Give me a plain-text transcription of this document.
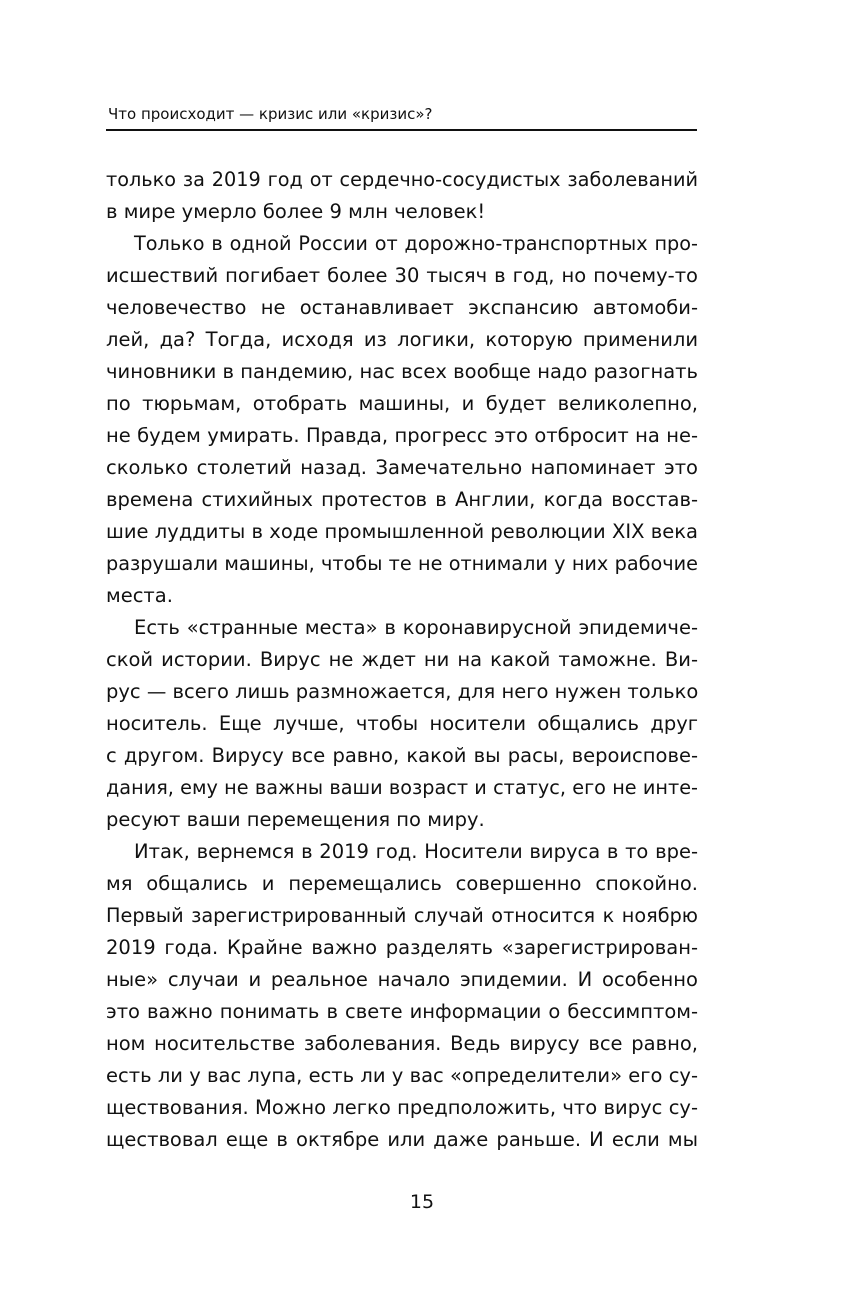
Что происходит — кризис или «кризис»?
только за 2019 год от сердечно-сосудистых заболеваний
в мире умерло более 9 млн человек!
Только в одной России от дорожно-транспортных про-
исшествий погибает более 30 тысяч в год, но почему-то
человечество не останавливает экспансию автомоби-
лей, да? Тогда, исходя из логики, которую применили
чиновники в пандемию, нас всех вообще надо разогнать
по тюрьмам, отобрать машины, и будет великолепно,
не будем умирать. Правда, прогресс это отбросит на не-
сколько столетий назад. Замечательно напоминает это
времена стихийных протестов в Англии, когда восстав-
шие луддиты в ходе промышленной революции XIX века
разрушали машины, чтобы те не отнимали у них рабочие
места.
Есть «странные места» в коронавирусной эпидемиче-
ской истории. Вирус не ждет ни на какой таможне. Ви-
рус — всего лишь размножается, для него нужен только
носитель. Еще лучше, чтобы носители общались друг
с другом. Вирусу все равно, какой вы расы, вероиспове-
дания, ему не важны ваши возраст и статус, его не инте-
ресуют ваши перемещения по миру.
Итак, вернемся в 2019 год. Носители вируса в то вре-
мя общались и перемещались совершенно спокойно.
Первый зарегистрированный случай относится к ноябрю
2019 года. Крайне важно разделять «зарегистрирован-
ные» случаи и реальное начало эпидемии. И особенно
это важно понимать в свете информации о бессимптом-
ном носительстве заболевания. Ведь вирусу все равно,
есть ли у вас лупа, есть ли у вас «определители» его су-
ществования. Можно легко предположить, что вирус су-
ществовал еще в октябре или даже раньше. И если мы
15
